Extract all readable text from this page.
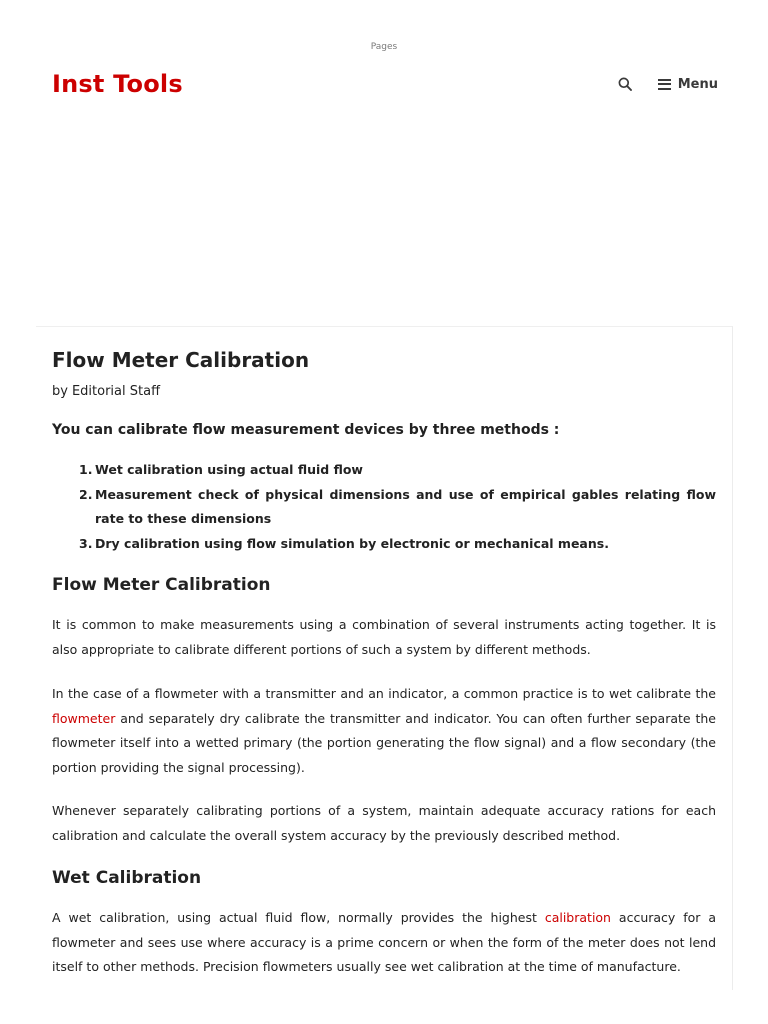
Pages
Inst Tools	Menu
Flow Meter Calibration
by Editorial Staff
You can calibrate flow measurement devices by three methods :
1. Wet calibration using actual fluid flow
2. Measurement check of physical dimensions and use of empirical gables relating flow rate to these dimensions
3. Dry calibration using flow simulation by electronic or mechanical means.
Flow Meter Calibration

It is common to make measurements using a combination of several instruments acting together. It is also appropriate to calibrate different portions of such a system by different methods.

In the case of a flowmeter with a transmitter and an indicator, a common practice is to wet calibrate the flowmeter and separately dry calibrate the transmitter and indicator. You can often further separate the flowmeter itself into a wetted primary (the portion generating the flow signal) and a flow secondary (the portion providing the signal processing).

Whenever separately calibrating portions of a system, maintain adequate accuracy rations for each calibration and calculate the overall system accuracy by the previously described method.

Wet Calibration

A wet calibration, using actual fluid flow, normally provides the highest calibration accuracy for a flowmeter and sees use where accuracy is a prime concern or when the form of the meter does not lend itself to other methods. Precision flowmeters usually see wet calibration at the time of manufacture.
